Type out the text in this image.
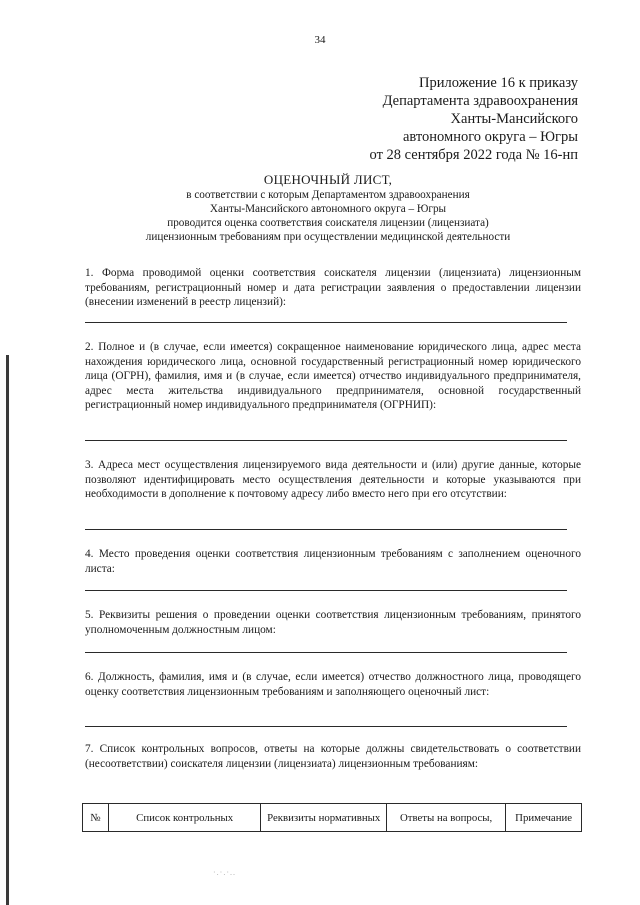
34
Приложение 16 к приказу
Департамента здравоохранения
Ханты-Мансийского
автономного округа – Югры
от 28 сентября 2022 года № 16-нп
ОЦЕНОЧНЫЙ ЛИСТ,
в соответствии с которым Департаментом здравоохранения
Ханты-Мансийского автономного округа – Югры
проводится оценка соответствия соискателя лицензии (лицензиата)
лицензионным требованиям при осуществлении медицинской деятельности
1. Форма проводимой оценки соответствия соискателя лицензии (лицензиата) лицензионным требованиям, регистрационный номер и дата регистрации заявления о предоставлении лицензии (внесении изменений в реестр лицензий):
2. Полное и (в случае, если имеется) сокращенное наименование юридического лица, адрес места нахождения юридического лица, основной государственный регистрационный номер юридического лица (ОГРН), фамилия, имя и (в случае, если имеется) отчество индивидуального предпринимателя, адрес места жительства индивидуального предпринимателя, основной государственный регистрационный номер индивидуального предпринимателя (ОГРНИП):
3. Адреса мест осуществления лицензируемого вида деятельности и (или) другие данные, которые позволяют идентифицировать место осуществления деятельности и которые указываются при необходимости в дополнение к почтовому адресу либо вместо него при его отсутствии:
4. Место проведения оценки соответствия лицензионным требованиям с заполнением оценочного листа:
5. Реквизиты решения о проведении оценки соответствия лицензионным требованиям, принятого уполномоченным должностным лицом:
6. Должность, фамилия, имя и (в случае, если имеется) отчество должностного лица, проводящего оценку соответствия лицензионным требованиям и заполняющего оценочный лист:
7. Список контрольных вопросов, ответы на которые должны свидетельствовать о соответствии (несоответствии) соискателя лицензии (лицензиата) лицензионным требованиям:
№	Список контрольных	Реквизиты нормативных	Ответы на вопросы,	Примечание
·.·.·..
